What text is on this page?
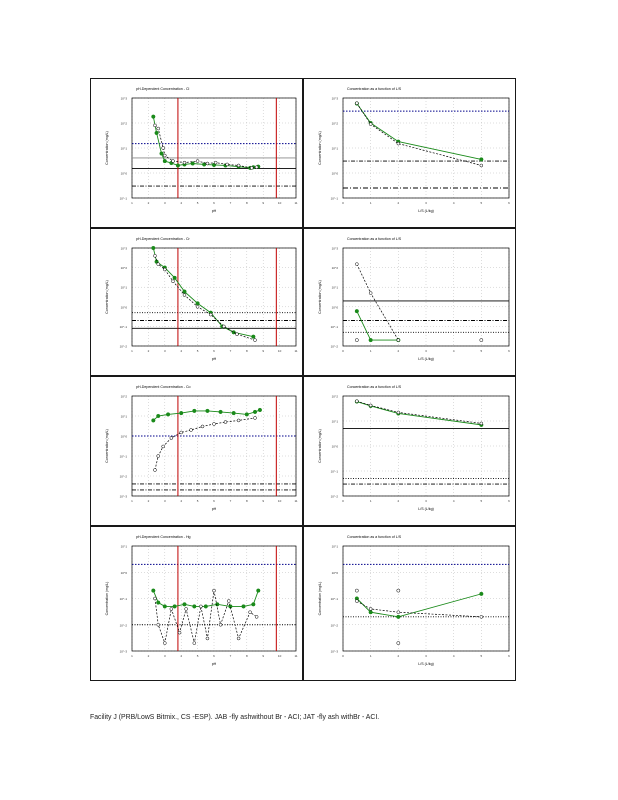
10^-1
10^0
10^1
10^2
10^3
1	2	3	4	5	6	7	8	9	10	11
pH-Dependent Concentration - Cl
pH
Concentration (mg/L)
10^-1
10^0
10^1
10^2
10^3
0	1	2	3	4	5	6
Concentration as a function of L/S
L/S (L/kg)
Concentration (mg/L)
10^-2
10^-1
10^0
10^1
10^2
10^3
1	2	3	4	5	6	7	8	9	10	11
pH-Dependent Concentration - Cr
pH
Concentration (mg/L)
10^-2
10^-1
10^0
10^1
10^2
10^3
0	1	2	3	4	5	6
Concentration as a function of L/S
L/S (L/kg)
Concentration (mg/L)
10^-3
10^-2
10^-1
10^0
10^1
10^2
1	2	3	4	5	6	7	8	9	10	11
pH-Dependent Concentration - Co
pH
Concentration (mg/L)
10^-2
10^-1
10^0
10^1
10^2
0	1	2	3	4	5	6
Concentration as a function of L/S
L/S (L/kg)
Concentration (mg/L)
10^-3
10^-2
10^-1
10^0
10^1
1	2	3	4	5	6	7	8	9	10	11
pH-Dependent Concentration - Hg
pH
Concentration (mg/L)
10^-3
10^-2
10^-1
10^0
10^1
0	1	2	3	4	5	6
Concentration as a function of L/S
L/S (L/kg)
Concentration (mg/L)
Facility J (PRB/LowS Bitmix., CS -ESP). JAB -fly ashwithout Br - ACI; JAT -fly ash withBr - ACI.
